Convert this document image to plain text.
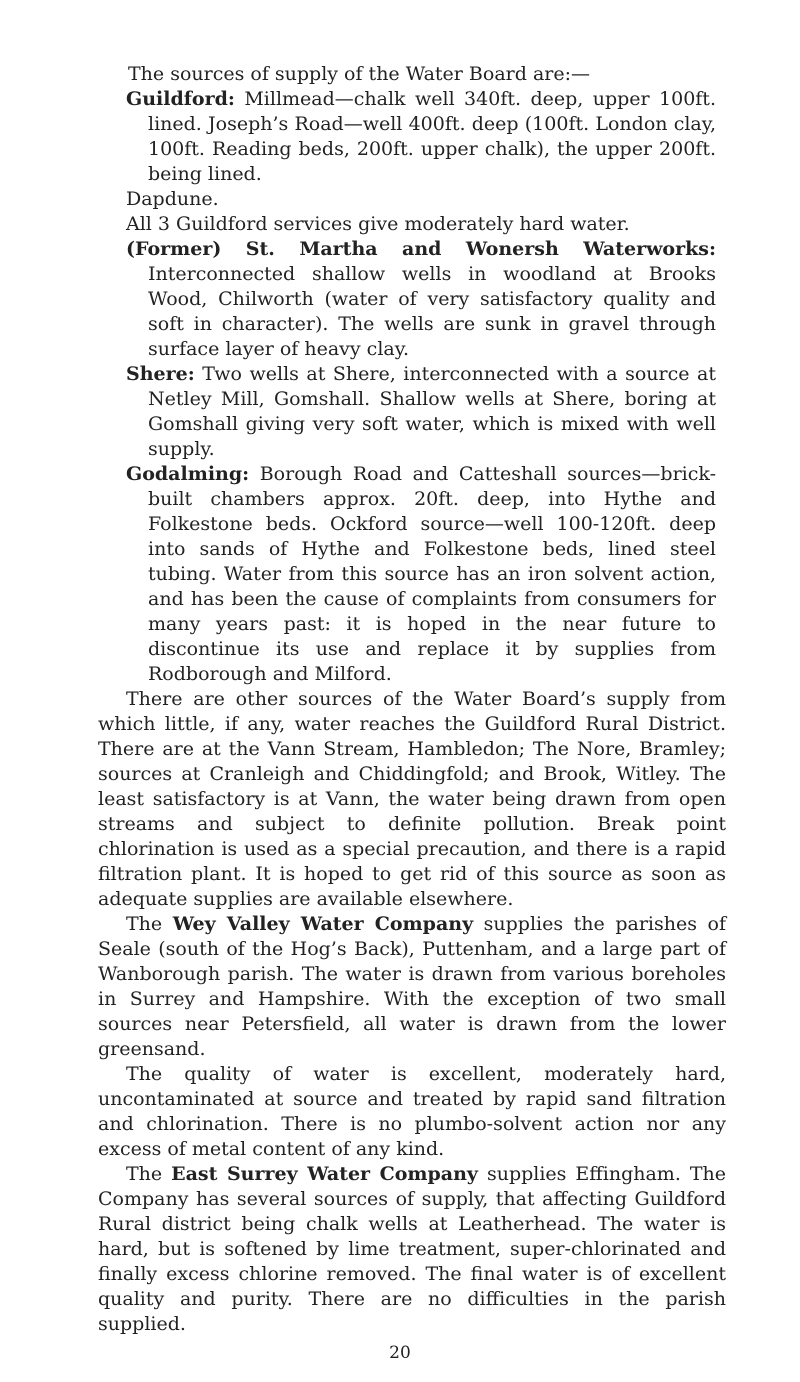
The sources of supply of the Water Board are:—

Guildford: Millmead—chalk well 340ft. deep, upper 100ft. lined. Joseph’s Road—well 400ft. deep (100ft. London clay, 100ft. Reading beds, 200ft. upper chalk), the upper 200ft. being lined.

Dapdune.

All 3 Guildford services give moderately hard water.

(Former) St. Martha and Wonersh Waterworks: Interconnected shallow wells in woodland at Brooks Wood, Chilworth (water of very satisfactory quality and soft in character). The wells are sunk in gravel through surface layer of heavy clay.

Shere: Two wells at Shere, interconnected with a source at Netley Mill, Gomshall. Shallow wells at Shere, boring at Gomshall giving very soft water, which is mixed with well supply.

Godalming: Borough Road and Catteshall sources—brick-built chambers approx. 20ft. deep, into Hythe and Folkestone beds. Ockford source—well 100-120ft. deep into sands of Hythe and Folkestone beds, lined steel tubing. Water from this source has an iron solvent action, and has been the cause of complaints from consumers for many years past: it is hoped in the near future to discontinue its use and replace it by supplies from Rodborough and Milford.

There are other sources of the Water Board’s supply from which little, if any, water reaches the Guildford Rural District. There are at the Vann Stream, Hambledon; The Nore, Bramley; sources at Cranleigh and Chiddingfold; and Brook, Witley. The least satisfactory is at Vann, the water being drawn from open streams and subject to definite pollution. Break point chlorination is used as a special precaution, and there is a rapid filtration plant. It is hoped to get rid of this source as soon as adequate supplies are available elsewhere.

The Wey Valley Water Company supplies the parishes of Seale (south of the Hog’s Back), Puttenham, and a large part of Wanborough parish. The water is drawn from various boreholes in Surrey and Hampshire. With the exception of two small sources near Petersfield, all water is drawn from the lower greensand.

The quality of water is excellent, moderately hard, uncontaminated at source and treated by rapid sand filtration and chlorination. There is no plumbo-solvent action nor any excess of metal content of any kind.

The East Surrey Water Company supplies Effingham. The Company has several sources of supply, that affecting Guildford Rural district being chalk wells at Leatherhead. The water is hard, but is softened by lime treatment, super-chlorinated and finally excess chlorine removed. The final water is of excellent quality and purity. There are no difficulties in the parish supplied.

20
